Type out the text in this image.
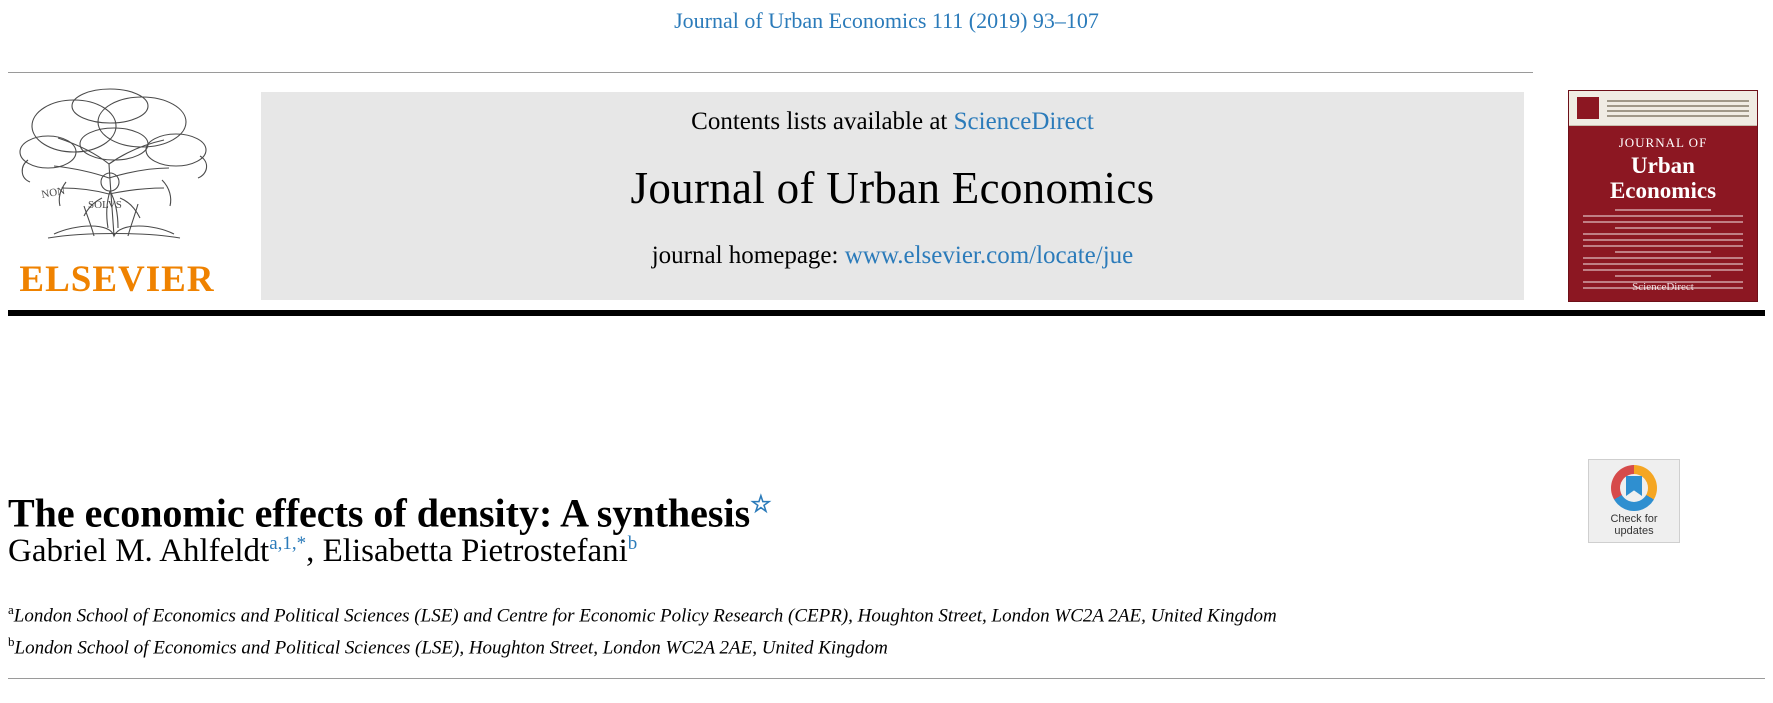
Journal of Urban Economics 111 (2019) 93–107
NON
SOLVS
ELSEVIER
Contents lists available at ScienceDirect
Journal of Urban Economics
journal homepage: www.elsevier.com/locate/jue
JOURNAL OF
Urban
Economics
ScienceDirect
The economic effects of density: A synthesis☆
Gabriel M. Ahlfeldt$^{a,1,*}$, Elisabetta Pietrostefani$^b$
$^a$London School of Economics and Political Sciences (LSE) and Centre for Economic Policy Research (CEPR), Houghton Street, London WC2A 2AE, United Kingdom
$^b$London School of Economics and Political Sciences (LSE), Houghton Street, London WC2A 2AE, United Kingdom
Check for
updates
